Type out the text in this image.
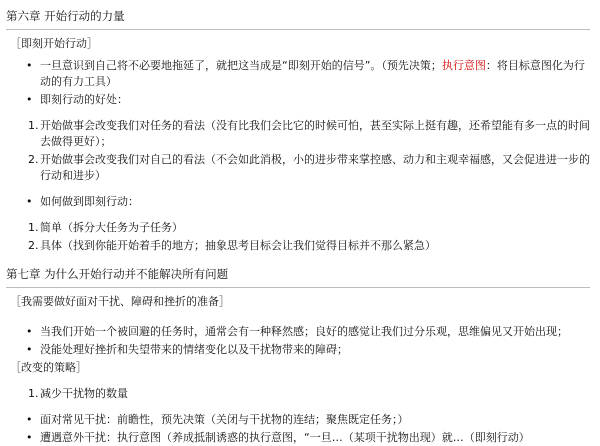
第六章 开始行动的力量
［即刻开始行动］
• 一旦意识到自己将不必要地拖延了，就把这当成是“即刻开始的信号”。（预先决策；执行意图：将目标意图化为行动的有力工具）
• 即刻行动的好处：
1. 开始做事会改变我们对任务的看法（没有比我们会比它的时候可怕，甚至实际上挺有趣，还希望能有多一点的时间去做得更好）；
2. 开始做事会改变我们对自己的看法（不会如此消极，小的进步带来掌控感、动力和主观幸福感，又会促进进一步的行动和进步）
• 如何做到即刻行动：
1. 简单（拆分大任务为子任务）
2. 具体（找到你能开始着手的地方；抽象思考目标会让我们觉得目标并不那么紧急）
第七章 为什么开始行动并不能解决所有问题
［我需要做好面对干扰、障碍和挫折的准备］
• 当我们开始一个被回避的任务时，通常会有一种释然感；良好的感觉让我们过分乐观，思维偏见又开始出现；
• 没能处理好挫折和失望带来的情绪变化以及干扰物带来的障碍；
［改变的策略］
1. 减少干扰物的数量
• 面对常见干扰：前瞻性，预先决策（关闭与干扰物的连结；聚焦既定任务；）
• 遭遇意外干扰：执行意图（养成抵制诱惑的执行意图，“一旦…（某项干扰物出现）就…（即刻行动）
